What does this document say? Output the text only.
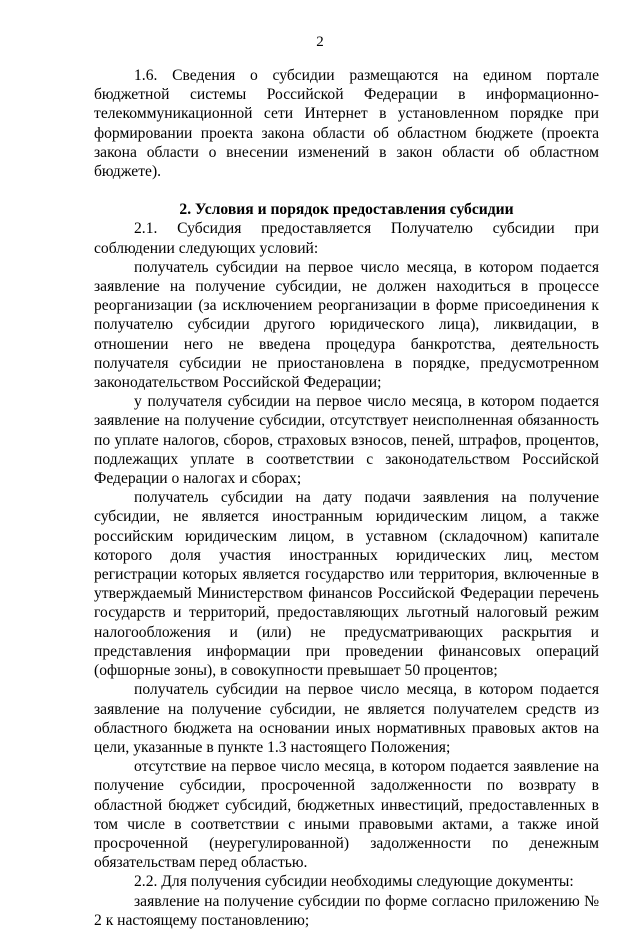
2

1.6. Сведения о субсидии размещаются на едином портале бюджетной системы Российской Федерации в информационно-телекоммуникационной сети Интернет в установленном порядке при формировании проекта закона области об областном бюджете (проекта закона области о внесении изменений в закон области об областном бюджете).

2. Условия и порядок предоставления субсидии

2.1. Субсидия предоставляется Получателю субсидии при соблюдении следующих условий:

получатель субсидии на первое число месяца, в котором подается заявление на получение субсидии, не должен находиться в процессе реорганизации (за исключением реорганизации в форме присоединения к получателю субсидии другого юридического лица), ликвидации, в отношении него не введена процедура банкротства, деятельность получателя субсидии не приостановлена в порядке, предусмотренном законодательством Российской Федерации;

у получателя субсидии на первое число месяца, в котором подается заявление на получение субсидии, отсутствует неисполненная обязанность по уплате налогов, сборов, страховых взносов, пеней, штрафов, процентов, подлежащих уплате в соответствии с законодательством Российской Федерации о налогах и сборах;

получатель субсидии на дату подачи заявления на получение субсидии, не является иностранным юридическим лицом, а также российским юридическим лицом, в уставном (складочном) капитале которого доля участия иностранных юридических лиц, местом регистрации которых является государство или территория, включенные в утверждаемый Министерством финансов Российской Федерации перечень государств и территорий, предоставляющих льготный налоговый режим налогообложения и (или) не предусматривающих раскрытия и представления информации при проведении финансовых операций (офшорные зоны), в совокупности превышает 50 процентов;

получатель субсидии на первое число месяца, в котором подается заявление на получение субсидии, не является получателем средств из областного бюджета на основании иных нормативных правовых актов на цели, указанные в пункте 1.3 настоящего Положения;

отсутствие на первое число месяца, в котором подается заявление на получение субсидии, просроченной задолженности по возврату в областной бюджет субсидий, бюджетных инвестиций, предоставленных в том числе в соответствии с иными правовыми актами, а также иной просроченной (неурегулированной) задолженности по денежным обязательствам перед областью.

2.2. Для получения субсидии необходимы следующие документы:

заявление на получение субсидии по форме согласно приложению № 2 к настоящему постановлению;
